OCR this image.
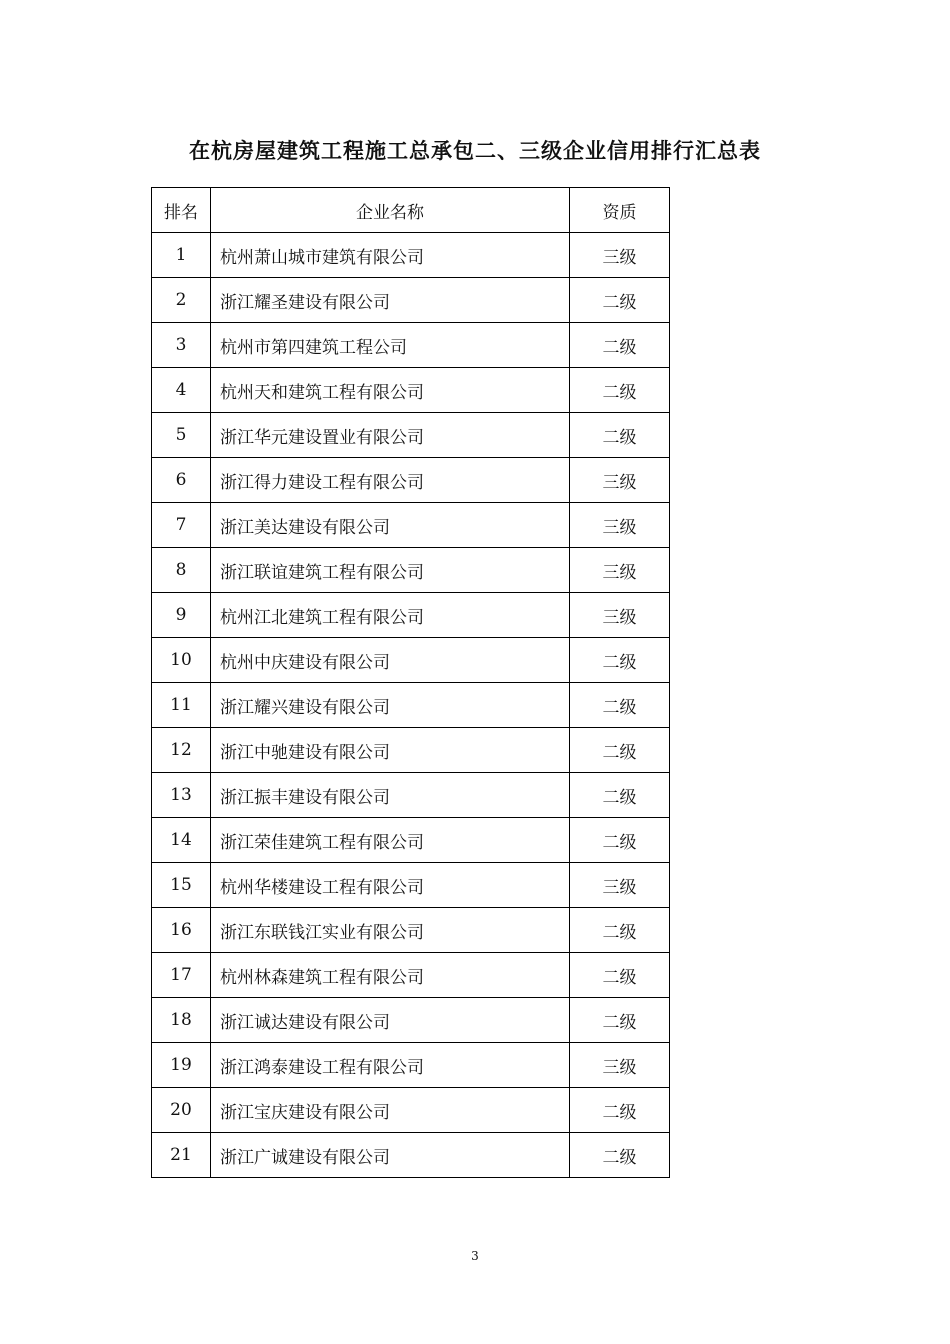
在杭房屋建筑工程施工总承包二、三级企业信用排行汇总表
排名	企业名称	资质
1	杭州萧山城市建筑有限公司	三级
2	浙江耀圣建设有限公司	二级
3	杭州市第四建筑工程公司	二级
4	杭州天和建筑工程有限公司	二级
5	浙江华元建设置业有限公司	二级
6	浙江得力建设工程有限公司	三级
7	浙江美达建设有限公司	三级
8	浙江联谊建筑工程有限公司	三级
9	杭州江北建筑工程有限公司	三级
10	杭州中庆建设有限公司	二级
11	浙江耀兴建设有限公司	二级
12	浙江中驰建设有限公司	二级
13	浙江振丰建设有限公司	二级
14	浙江荣佳建筑工程有限公司	二级
15	杭州华楼建设工程有限公司	三级
16	浙江东联钱江实业有限公司	二级
17	杭州林森建筑工程有限公司	二级
18	浙江诚达建设有限公司	二级
19	浙江鸿泰建设工程有限公司	三级
20	浙江宝庆建设有限公司	二级
21	浙江广诚建设有限公司	二级
3
